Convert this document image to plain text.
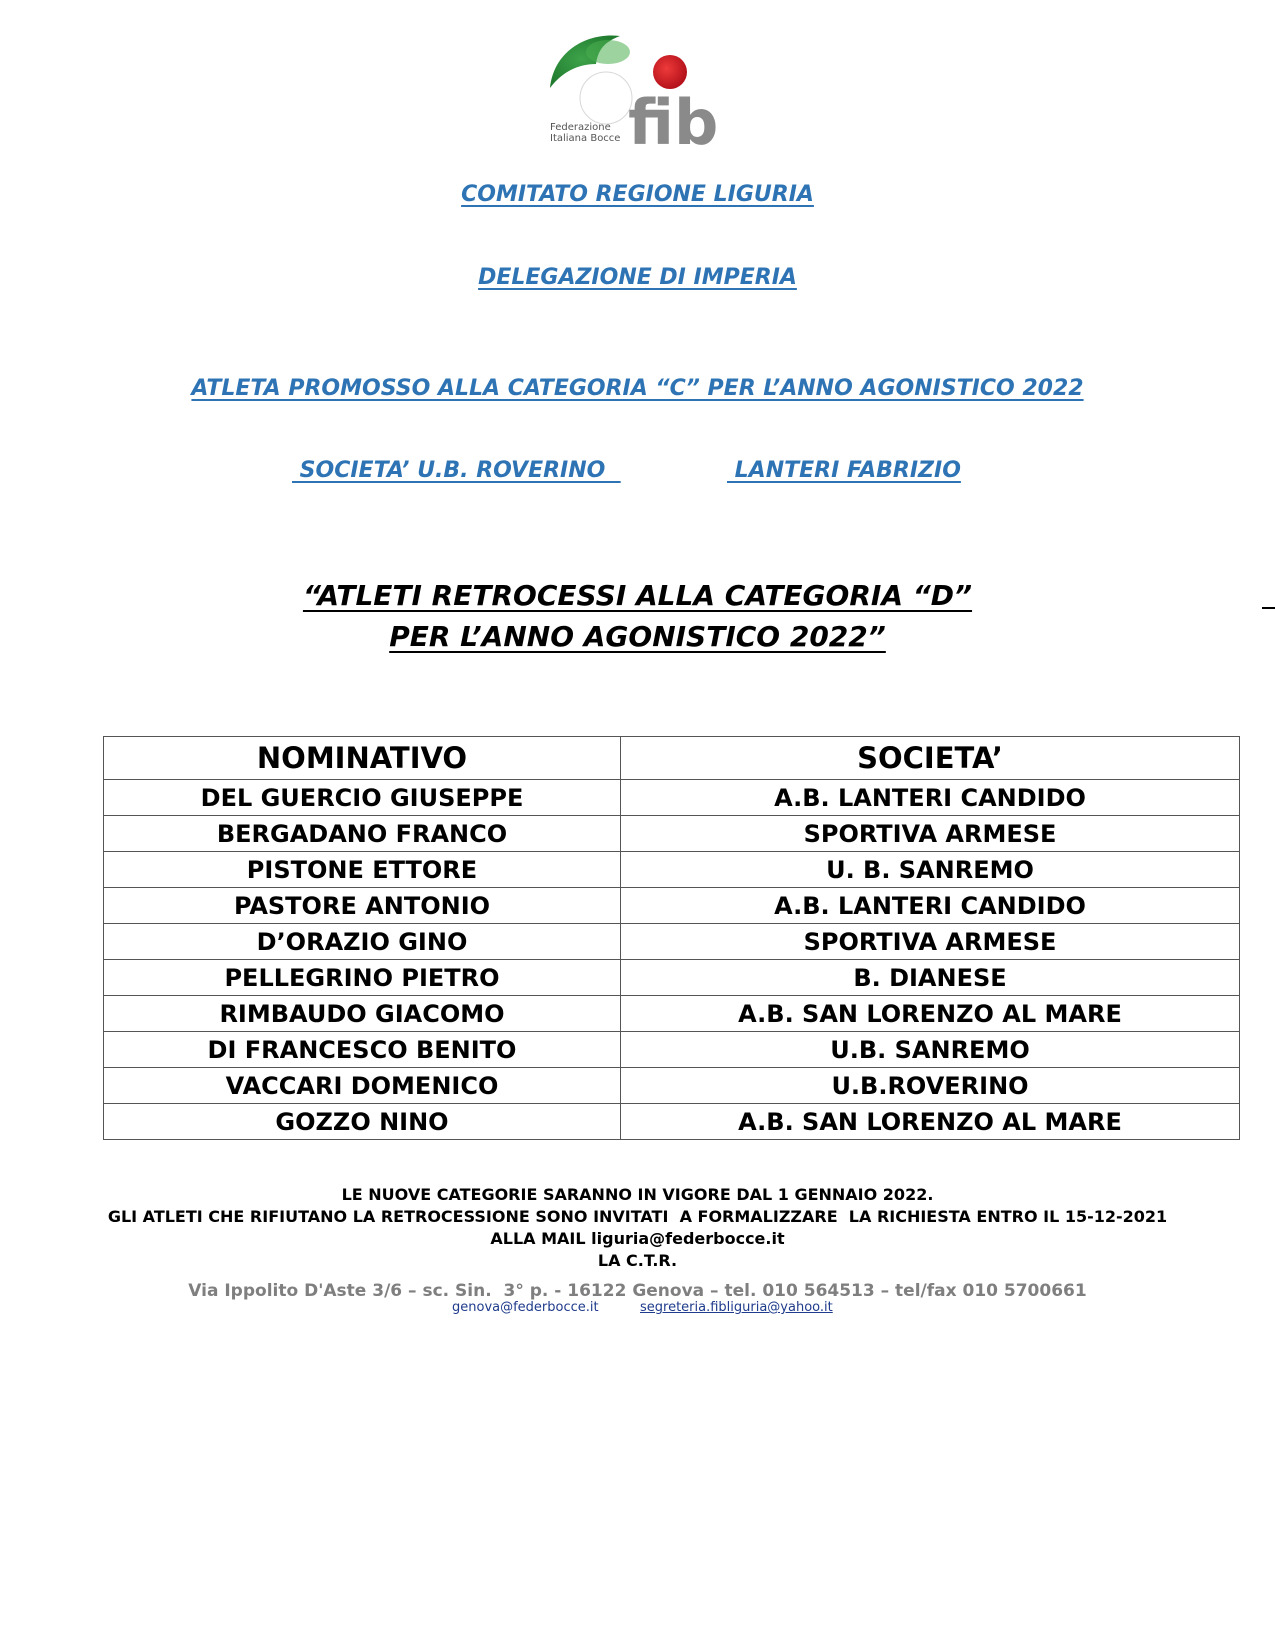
fib
Federazione
Italiana Bocce
COMITATO REGIONE LIGURIA
DELEGAZIONE DI IMPERIA
ATLETA PROMOSSO ALLA CATEGORIA “C” PER L’ANNO AGONISTICO 2022
SOCIETA’ U.B. ROVERINO	LANTERI FABRIZIO
“ATLETI RETROCESSI ALLA CATEGORIA “D”
PER L’ANNO AGONISTICO 2022”
NOMINATIVO	SOCIETA’
DEL GUERCIO GIUSEPPE	A.B. LANTERI CANDIDO
BERGADANO FRANCO	SPORTIVA ARMESE
PISTONE ETTORE	U. B. SANREMO
PASTORE ANTONIO	A.B. LANTERI CANDIDO
D’ORAZIO GINO	SPORTIVA ARMESE
PELLEGRINO PIETRO	B. DIANESE
RIMBAUDO GIACOMO	A.B. SAN LORENZO AL MARE
DI FRANCESCO BENITO	U.B. SANREMO
VACCARI DOMENICO	U.B.ROVERINO
GOZZO NINO	A.B. SAN LORENZO AL MARE
LE NUOVE CATEGORIE SARANNO IN VIGORE DAL 1 GENNAIO 2022.
GLI ATLETI CHE RIFIUTANO LA RETROCESSIONE SONO INVITATI  A FORMALIZZARE  LA RICHIESTA ENTRO IL 15-12-2021
ALLA MAIL liguria@federbocce.it
LA C.T.R.
Via Ippolito D'Aste 3/6 – sc. Sin.  3° p. - 16122 Genova – tel. 010 564513 – tel/fax 010 5700661
genova@federbocce.it	segreteria.fibliguria@yahoo.it
